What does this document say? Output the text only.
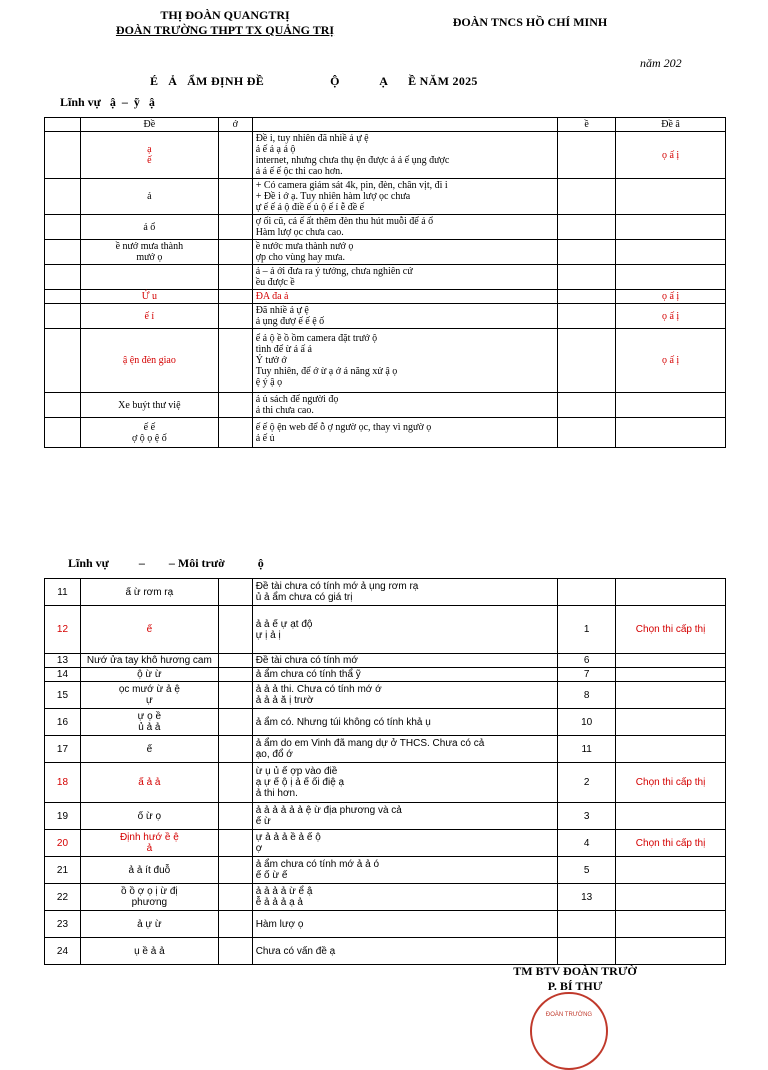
THỊ ĐOÀN QUANGTRỊ
ĐOÀN TRƯỜNG THPT TX QUẢNG TRỊ
ĐOÀN TNCS HỒ CHÍ MINH
năm 202
É   Ả   ẨM ĐỊNH ĐỀ                    Ộ            Ạ      Ề NĂM 2025
Lĩnh vự   ậ  –  ỹ   ậ
	Đề	ớ		ề	Đề â
	ạ
ế		Đề i, tuy nhiên đã nhiề ả ự ệ
ả ế ả ạ ả ộ
internet, nhưng chưa thụ ện được ả ả ế ụng được
ả ả ế ế ộc thi cao hơn.		ọ ấ ị
	ả		+ Có camera giám sát 4k, pin, đèn, chân vịt, đi i
+ Đề i ớ ạ. Tuy nhiên hàm lượ ọc chưa
ự ế ế ả ộ điề ế ủ ộ ế ỉ ễ đề ế		
	ả ổ		ợ ối cũ, cả ế ất thêm đèn thu hút muỗi để ả ổ
Hàm lượ ọc chưa cao.		
	ề nướ mưa thành
mướ ọ		ề nước mưa thành nướ ọ
ợp cho vùng hay mưa.		
			ả – ả ới đưa ra ý tưởng, chưa nghiên cứ
ều được ề		
	Ứ u		ĐA đa ả		ọ ấ ị
	ế ỉ		Đã nhiề ả ự ệ
ả ụng đượ ế ế ệ ố		ọ ấ ị
	ậ ện đèn giao		ể ả ộ ề ồ ồm camera đặt trướ ộ
tình để ừ ả ấ ả
Ý tưở ớ
Tuy nhiên, để ớ ừ ạ ớ ả năng xử ậ ọ
ệ ý ậ ọ		ọ ấ ị
	Xe buýt thư việ		ả ủ sách để người đọ
ả thi chưa cao.		
	ế ế
ợ ộ ọ ệ ố		ế ế ộ ện web để ỗ ợ ngườ ọc, thay vì ngườ ọ
ả ế ủ		
Lĩnh vự          –        – Môi trườ           ộ
11	ấ ừ rơm rạ		Đề tài chưa có tính mớ ả ụng rơm rạ
ủ ả ẩm chưa có giá trị		
12	ế		ả ả ế ự ạt độ
ự ị ả ị	1	Chọn thi cấp thị
13	Nướ ửa tay khô hương cam		Đề tài chưa có tính mớ	6	
14	ộ ừ ừ		ả ẩm chưa có tính thẩ ỹ	7	
15	ọc mướ ừ ả ệ
ự		ả ả ả thi. Chưa có tính mớ ớ
ả ả ả ă ị trườ	8	
16	ự ọ ề
ủ ả ả		ả ẩm có. Nhưng túi không có tính khả ụ	10	
17	ế		ả ẩm do em Vinh đã mang dự ở THCS. Chưa có cả
ạo, đổ ớ	11	
18	ấ ả ả		ừ ụ ủ ế ợp vào điề
ạ ự ế ộ ị ả ế ối điệ ạ
ả thi hơn.	2	Chọn thi cấp thị
19	ố ừ ọ		ả ả ả ả ả ả ệ ừ địa phương và cả
ế ừ	3	
20	Định hướ ề ệ
ả		ự ả ả ả ề ả ế ộ
ợ	4	Chọn thi cấp thị
21	ả ả ít đuỗ		ả ẩm chưa có tính mớ ả ả ó
ế ố ừ ế	5	
22	ồ ồ ợ ọ ị ừ đị
phương		ả ả ả ả ừ ể ậ
ễ ả ả ả ạ ả	13	
23	ả ự ừ		Hàm lượ ọ		
24	ụ ề ả ả		Chưa có vấn đề ạ		
TM BTV ĐOÀN TRƯỜ
P. BÍ THƯ
ĐOÀN TRƯỜNG
